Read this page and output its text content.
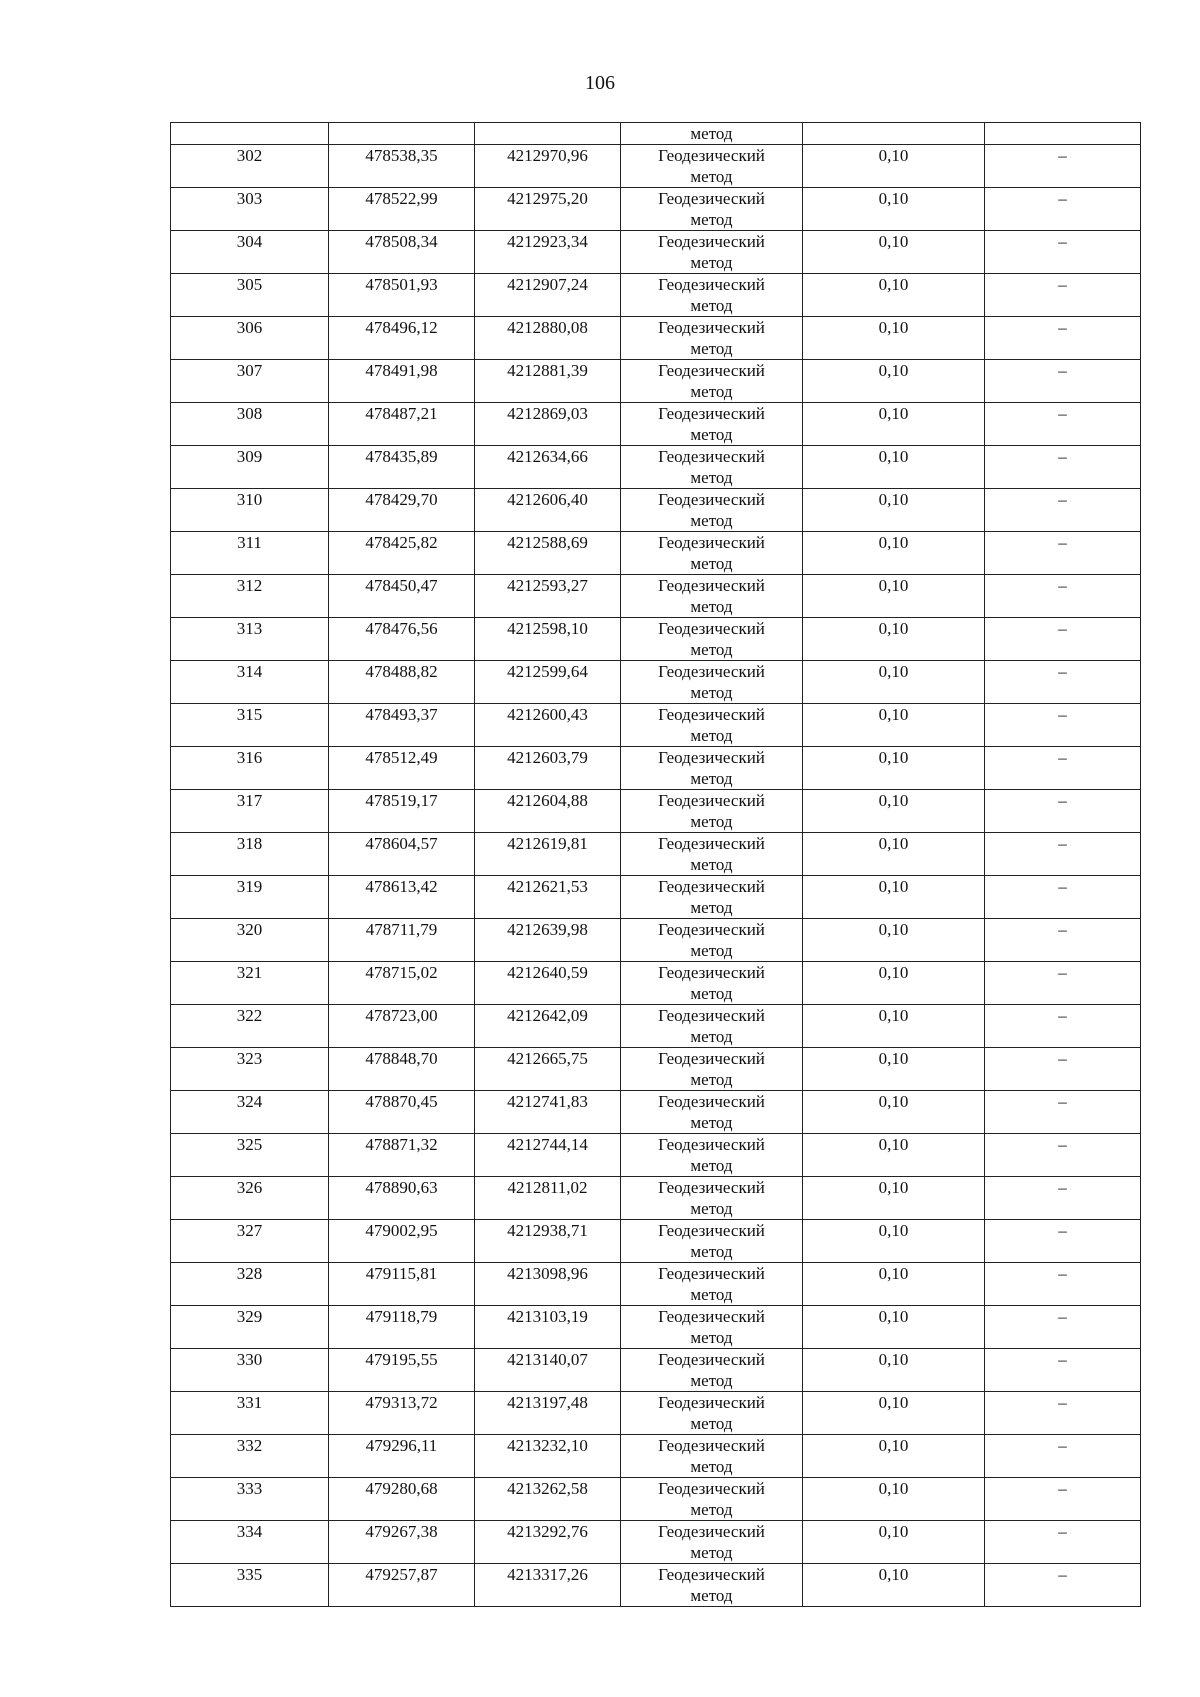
106
			метод		
302	478538,35	4212970,96	Геодезический
метод	0,10	–
303	478522,99	4212975,20	Геодезический
метод	0,10	–
304	478508,34	4212923,34	Геодезический
метод	0,10	–
305	478501,93	4212907,24	Геодезический
метод	0,10	–
306	478496,12	4212880,08	Геодезический
метод	0,10	–
307	478491,98	4212881,39	Геодезический
метод	0,10	–
308	478487,21	4212869,03	Геодезический
метод	0,10	–
309	478435,89	4212634,66	Геодезический
метод	0,10	–
310	478429,70	4212606,40	Геодезический
метод	0,10	–
311	478425,82	4212588,69	Геодезический
метод	0,10	–
312	478450,47	4212593,27	Геодезический
метод	0,10	–
313	478476,56	4212598,10	Геодезический
метод	0,10	–
314	478488,82	4212599,64	Геодезический
метод	0,10	–
315	478493,37	4212600,43	Геодезический
метод	0,10	–
316	478512,49	4212603,79	Геодезический
метод	0,10	–
317	478519,17	4212604,88	Геодезический
метод	0,10	–
318	478604,57	4212619,81	Геодезический
метод	0,10	–
319	478613,42	4212621,53	Геодезический
метод	0,10	–
320	478711,79	4212639,98	Геодезический
метод	0,10	–
321	478715,02	4212640,59	Геодезический
метод	0,10	–
322	478723,00	4212642,09	Геодезический
метод	0,10	–
323	478848,70	4212665,75	Геодезический
метод	0,10	–
324	478870,45	4212741,83	Геодезический
метод	0,10	–
325	478871,32	4212744,14	Геодезический
метод	0,10	–
326	478890,63	4212811,02	Геодезический
метод	0,10	–
327	479002,95	4212938,71	Геодезический
метод	0,10	–
328	479115,81	4213098,96	Геодезический
метод	0,10	–
329	479118,79	4213103,19	Геодезический
метод	0,10	–
330	479195,55	4213140,07	Геодезический
метод	0,10	–
331	479313,72	4213197,48	Геодезический
метод	0,10	–
332	479296,11	4213232,10	Геодезический
метод	0,10	–
333	479280,68	4213262,58	Геодезический
метод	0,10	–
334	479267,38	4213292,76	Геодезический
метод	0,10	–
335	479257,87	4213317,26	Геодезический
метод	0,10	–
